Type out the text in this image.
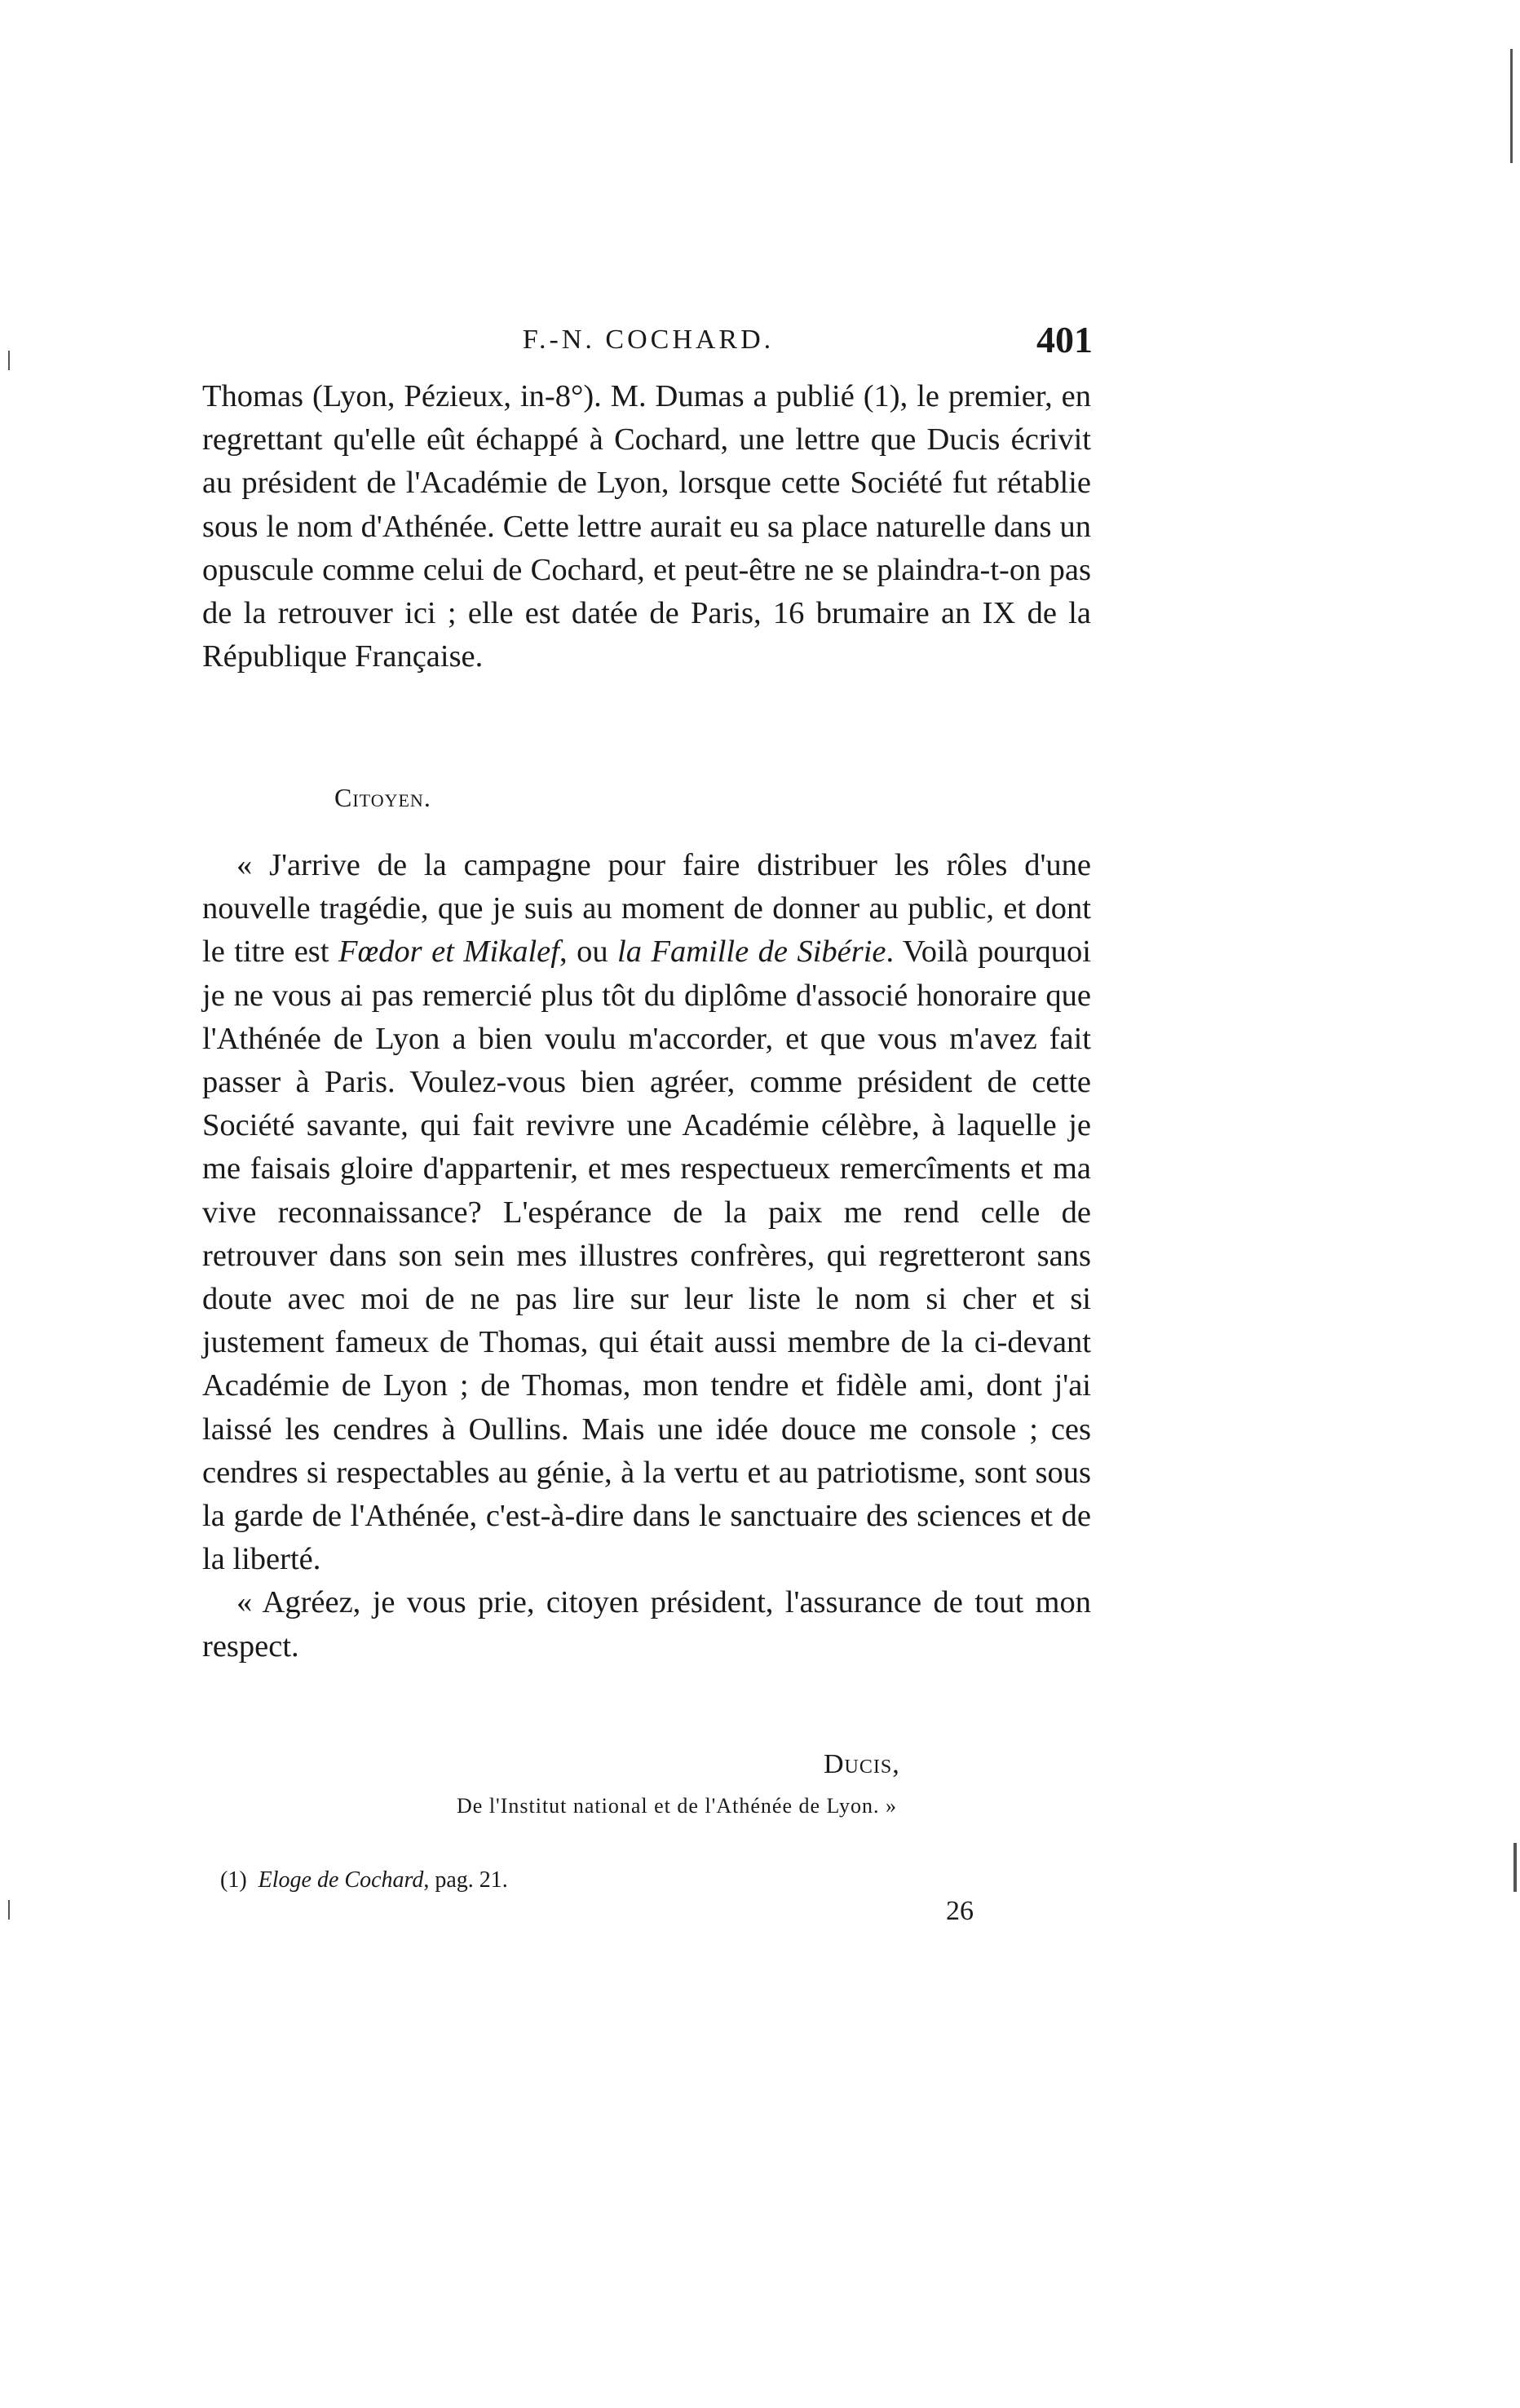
F.-N. COCHARD.	401

Thomas (Lyon, Pézieux, in-8°). M. Dumas a publié (1), le premier, en regrettant qu'elle eût échappé à Cochard, une lettre que Ducis écrivit au président de l'Académie de Lyon, lorsque cette Société fut rétablie sous le nom d'Athénée. Cette lettre aurait eu sa place naturelle dans un opuscule comme celui de Cochard, et peut-être ne se plaindra-t-on pas de la retrouver ici ; elle est datée de Paris, 16 brumaire an IX de la République Française.

Citoyen.

« J'arrive de la campagne pour faire distribuer les rôles d'une nouvelle tragédie, que je suis au moment de donner au public, et dont le titre est Fœdor et Mikalef, ou la Famille de Sibérie. Voilà pourquoi je ne vous ai pas remercié plus tôt du diplôme d'associé honoraire que l'Athénée de Lyon a bien voulu m'accorder, et que vous m'avez fait passer à Paris. Voulez-vous bien agréer, comme président de cette Société savante, qui fait revivre une Académie célèbre, à laquelle je me faisais gloire d'appartenir, et mes respectueux remercîments et ma vive reconnaissance? L'espérance de la paix me rend celle de retrouver dans son sein mes illustres confrères, qui regretteront sans doute avec moi de ne pas lire sur leur liste le nom si cher et si justement fameux de Thomas, qui était aussi membre de la ci-devant Académie de Lyon ; de Thomas, mon tendre et fidèle ami, dont j'ai laissé les cendres à Oullins. Mais une idée douce me console ; ces cendres si respectables au génie, à la vertu et au patriotisme, sont sous la garde de l'Athénée, c'est-à-dire dans le sanctuaire des sciences et de la liberté.

« Agréez, je vous prie, citoyen président, l'assurance de tout mon respect.

Ducis,
De l'Institut national et de l'Athénée de Lyon. »
(1) Eloge de Cochard, pag. 21.
26
